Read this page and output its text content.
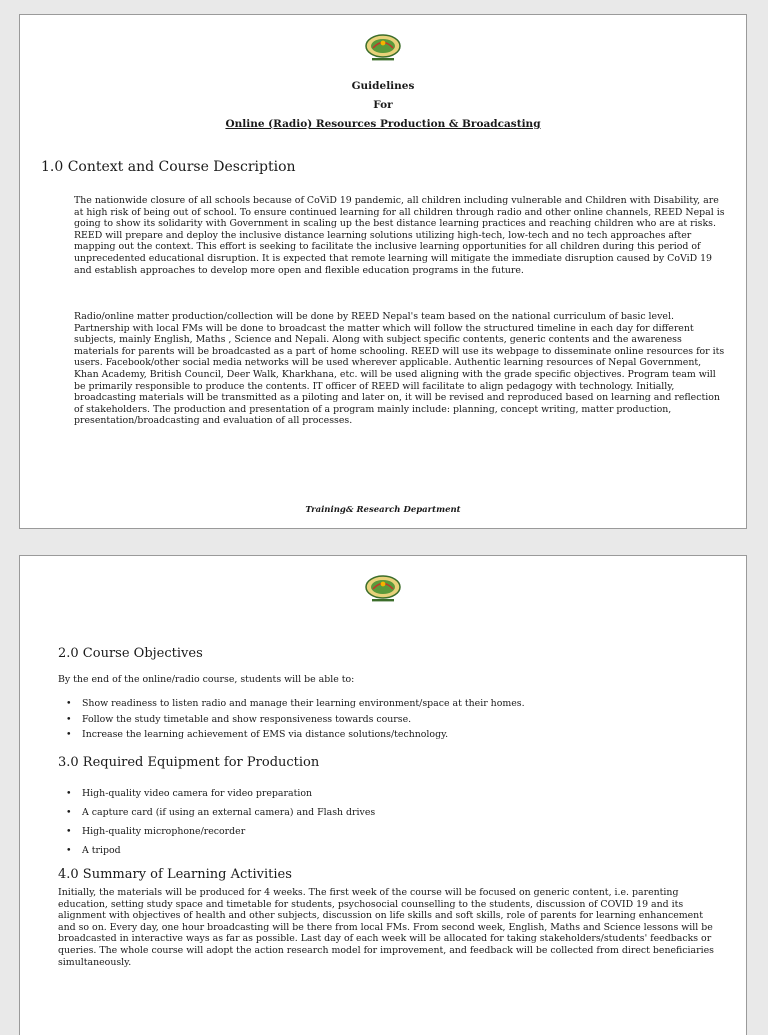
Guidelines
For
Online (Radio) Resources Production & Broadcasting
1.0 Context and Course Description

The nationwide closure of all schools because of CoViD 19 pandemic, all children including vulnerable and Children with Disability, are at high risk of being out of school. To ensure continued learning for all children through radio and other online channels, REED Nepal is going to show its solidarity with Government in scaling up the best distance learning practices and reaching children who are at risks. REED will prepare and deploy the inclusive distance learning solutions utilizing high-tech, low-tech and no tech approaches after mapping out the context. This effort is seeking to facilitate the inclusive learning opportunities for all children during this period of unprecedented educational disruption. It is expected that remote learning will mitigate the immediate disruption caused by CoViD 19 and establish approaches to develop more open and flexible education programs in the future.

Radio/online matter production/collection will be done by REED Nepal's team based on the national curriculum of basic level. Partnership with local FMs will be done to broadcast the matter which will follow the structured timeline in each day for different subjects, mainly English, Maths , Science and Nepali. Along with subject specific contents, generic contents and the awareness materials for parents will be broadcasted as a part of home schooling. REED will use its webpage to disseminate online resources for its users. Facebook/other social media networks will be used wherever applicable. Authentic learning resources of Nepal Government, Khan Academy, British Council, Deer Walk, Kharkhana, etc. will be used aligning with the grade specific objectives. Program team will be primarily responsible to produce the contents. IT officer of REED will facilitate to align pedagogy with technology. Initially, broadcasting materials will be transmitted as a piloting and later on, it will be revised and reproduced based on learning and reflection of stakeholders. The production and presentation of a program mainly include: planning, concept writing, matter production, presentation/broadcasting and evaluation of all processes.

Training& Research Department
2.0 Course Objectives

By the end of the online/radio course, students will be able to:

• Show readiness to listen radio and manage their learning environment/space at their homes.
• Follow the study timetable and show responsiveness towards course.
• Increase the learning achievement of EMS via distance solutions/technology.
3.0 Required Equipment for Production
• High-quality video camera for video preparation
• A capture card (if using an external camera) and Flash drives
• High-quality microphone/recorder
• A tripod
4.0 Summary of Learning Activities

Initially, the materials will be produced for 4 weeks. The first week of the course will be focused on generic content, i.e. parenting education, setting study space and timetable for students, psychosocial counselling to the students, discussion of COVID 19 and its alignment with objectives of health and other subjects, discussion on life skills and soft skills, role of parents for learning enhancement and so on. Every day, one hour broadcasting will be there from local FMs. From second week, English, Maths and Science lessons will be broadcasted in interactive ways as far as possible. Last day of each week will be allocated for taking stakeholders/students' feedbacks or queries. The whole course will adopt the action research model for improvement, and feedback will be collected from direct beneficiaries simultaneously.
